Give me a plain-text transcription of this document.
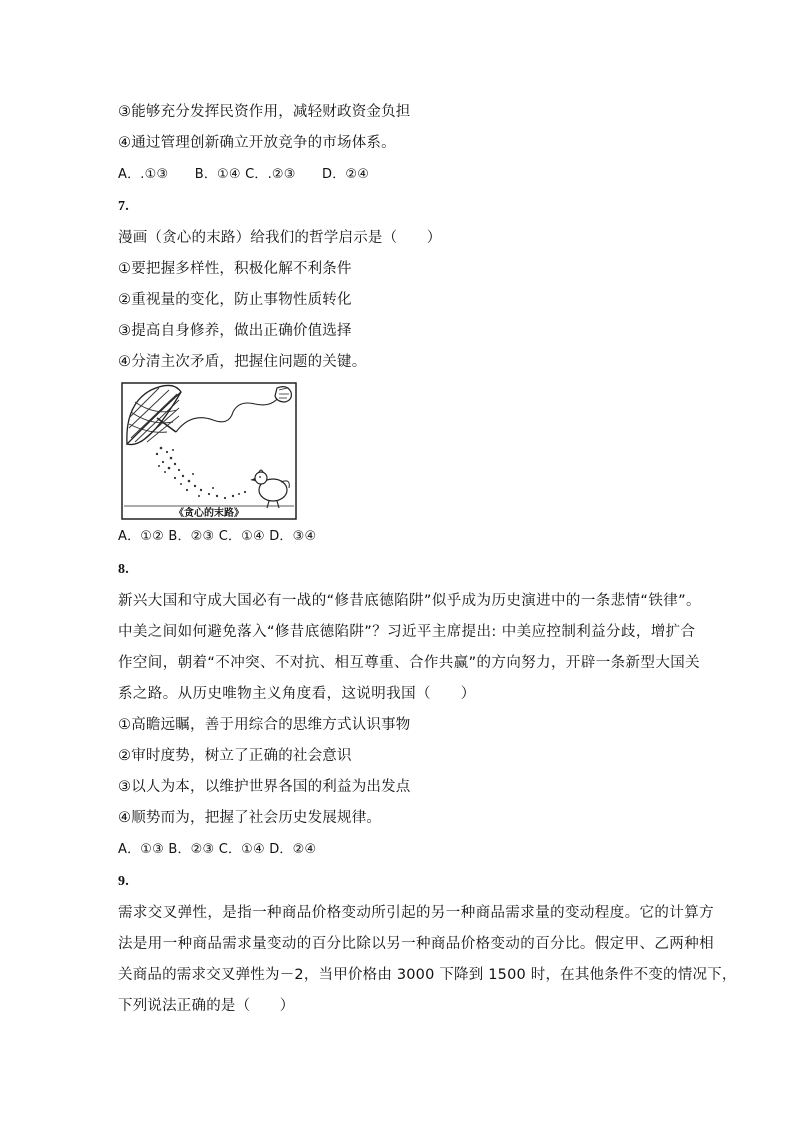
③能够充分发挥民资作用，减轻财政资金负担
④通过管理创新确立开放竞争的市场体系。
A．.①③　　B．①④ C．.②③　　D．②④
7.
漫画（贪心的末路）给我们的哲学启示是（　　）
①要把握多样性，积极化解不利条件
②重视量的变化，防止事物性质转化
③提高自身修养，做出正确价值选择
④分清主次矛盾，把握住问题的关键。
《贪心的末路》
A．①② B．②③ C．①④ D．③④
8.
新兴大国和守成大国必有一战的“修昔底德陷阱”似乎成为历史演进中的一条悲情“铁律”。
中美之间如何避免落入“修昔底德陷阱”？习近平主席提出: 中美应控制利益分歧，增扩合
作空间，朝着“不冲突、不对抗、相互尊重、合作共赢”的方向努力，开辟一条新型大国关
系之路。从历史唯物主义角度看，这说明我国（　　）
①高瞻远瞩，善于用综合的思维方式认识事物
②审时度势，树立了正确的社会意识
③以人为本，以维护世界各国的利益为出发点
④顺势而为，把握了社会历史发展规律。
A．①③ B．②③ C．①④ D．②④
9.
需求交叉弹性，是指一种商品价格变动所引起的另一种商品需求量的变动程度。它的计算方
法是用一种商品需求量变动的百分比除以另一种商品价格变动的百分比。假定甲、乙两种相
关商品的需求交叉弹性为－2，当甲价格由 3000 下降到 1500 时，在其他条件不变的情况下，
下列说法正确的是（　　）
